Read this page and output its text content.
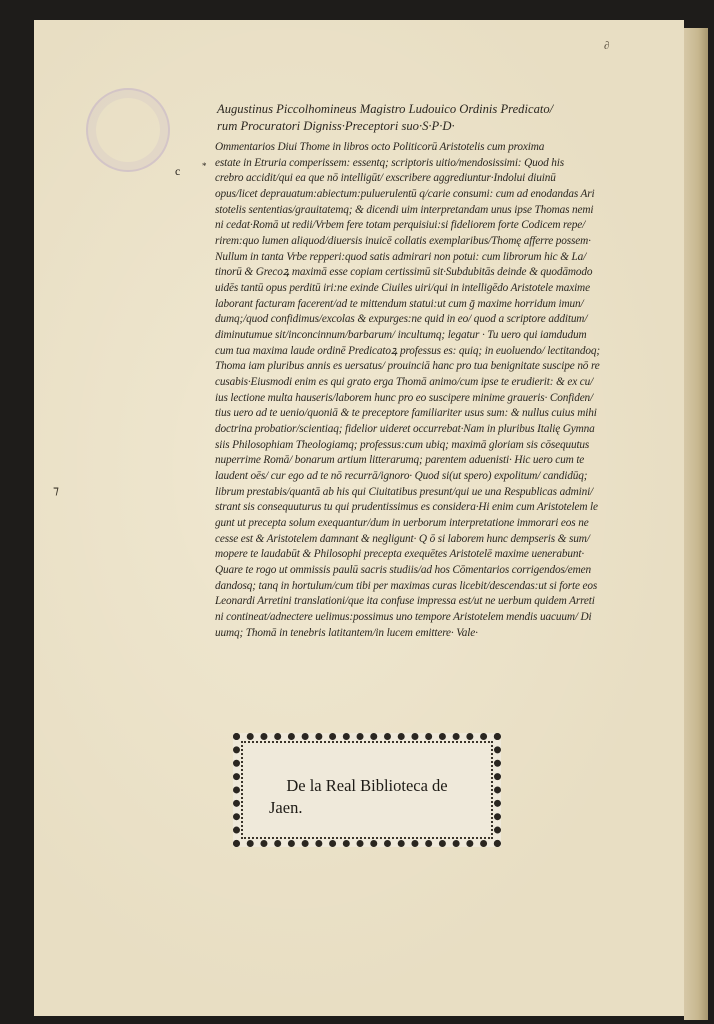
∂
Augustinus Piccolhomineus Magistro Ludouico Ordinis Predicato/
rum Procuratori Digniss·Preceptori suo·S·P·D·
c *
Ommentarios Diui Thome in libros octo Politicorū Aristotelis cum proxima
estate in Etruria comperissem: essentq; scriptoris uitio/mendosissimi: Quod his
crebro accidit/qui ea que nō intelligūt/ exscribere aggrediuntur·Indolui diuinū
opus/licet deprauatum:abiectum:puluerulentū q/carie consumi: cum ad enodandas Ari
stotelis sententias/grauitatemq; & dicendi uim interpretandam unus ipse Thomas nemi
ni cedat·Romā ut redii/Vrbem fere totam perquisiui:si fideliorem forte Codicem repe/
rirem:quo lumen aliquod/diuersis inuicē collatis exemplaribus/Thomę afferre possem·
Nullum in tanta Vrbe repperi:quod satis admirari non potui: cum librorum hic & La/
tinorū & Grecoꝝ maximā esse copiam certissimū sit·Subdubitās deinde & quodāmodo
uidēs tantū opus perditū iri:ne exinde Ciuiles uiri/qui in intelligēdo Aristotele maxime
laborant facturam facerent/ad te mittendum statui:ut cum ḡ maxime horridum imun/
dumq;/quod confidimus/excolas & expurges:ne quid in eo/ quod a scriptore additum/
diminutumue sit/inconcinnum/barbarum/ incultumq; legatur · Tu uero qui iamdudum
cum tua maxima laude ordinē Predicatoꝝ professus es: quiq; in euoluendo/ lectitandoq;
Thoma iam pluribus annis es uersatus/ prouinciā hanc pro tua benignitate suscipe nō re
cusabis·Eiusmodi enim es qui grato erga Thomā animo/cum ipse te erudierit: & ex cu/
ius lectione multa hauseris/laborem hunc pro eo suscipere minime graueris· Confiden/
tius uero ad te uenio/quoniā & te preceptore familiariter usus sum: & nullus cuius mihi
doctrina probatior/scientiaq; fidelior uideret occurrebat·Nam in pluribus Italię Gymna
siis Philosophiam Theologiamq; professus:cum ubiq; maximā gloriam sis cōsequutus
nuperrime Romā/ bonarum artium litterarumq; parentem aduenisti· Hic uero cum te
laudent oēs/ cur ego ad te nō recurrā/ignoro· Quod si(ut spero) expolitum/ candidūq;
librum prestabis/quantā ab his qui Ciuitatibus presunt/qui ue una Respublicas admini/
strant sis consequuturus tu qui prudentissimus es considera·Hi enim cum Aristotelem le
gunt ut precepta solum exequantur/dum in uerborum interpretatione immorari eos ne
cesse est & Aristotelem damnant & negligunt· Q ō si laborem hunc dempseris & sum/
mopere te laudabūt & Philosophi precepta exequētes Aristotelē maxime uenerabunt·
Quare te rogo ut ommissis paulū sacris studiis/ad hos Cōmentarios corrigendos/emen
dandosq; tanq in hortulum/cum tibi per maximas curas licebit/descendas:ut si forte eos
Leonardi Arretini translationi/que ita confuse impressa est/ut ne uerbum quidem Arreti
ni contineat/adnectere uelimus:possimus uno tempore Aristotelem mendis uacuum/ Di
uumq; Thomā in tenebris latitantem/in lucem emittere· Vale·
⁊
De la Real Biblioteca de
Jaen.
